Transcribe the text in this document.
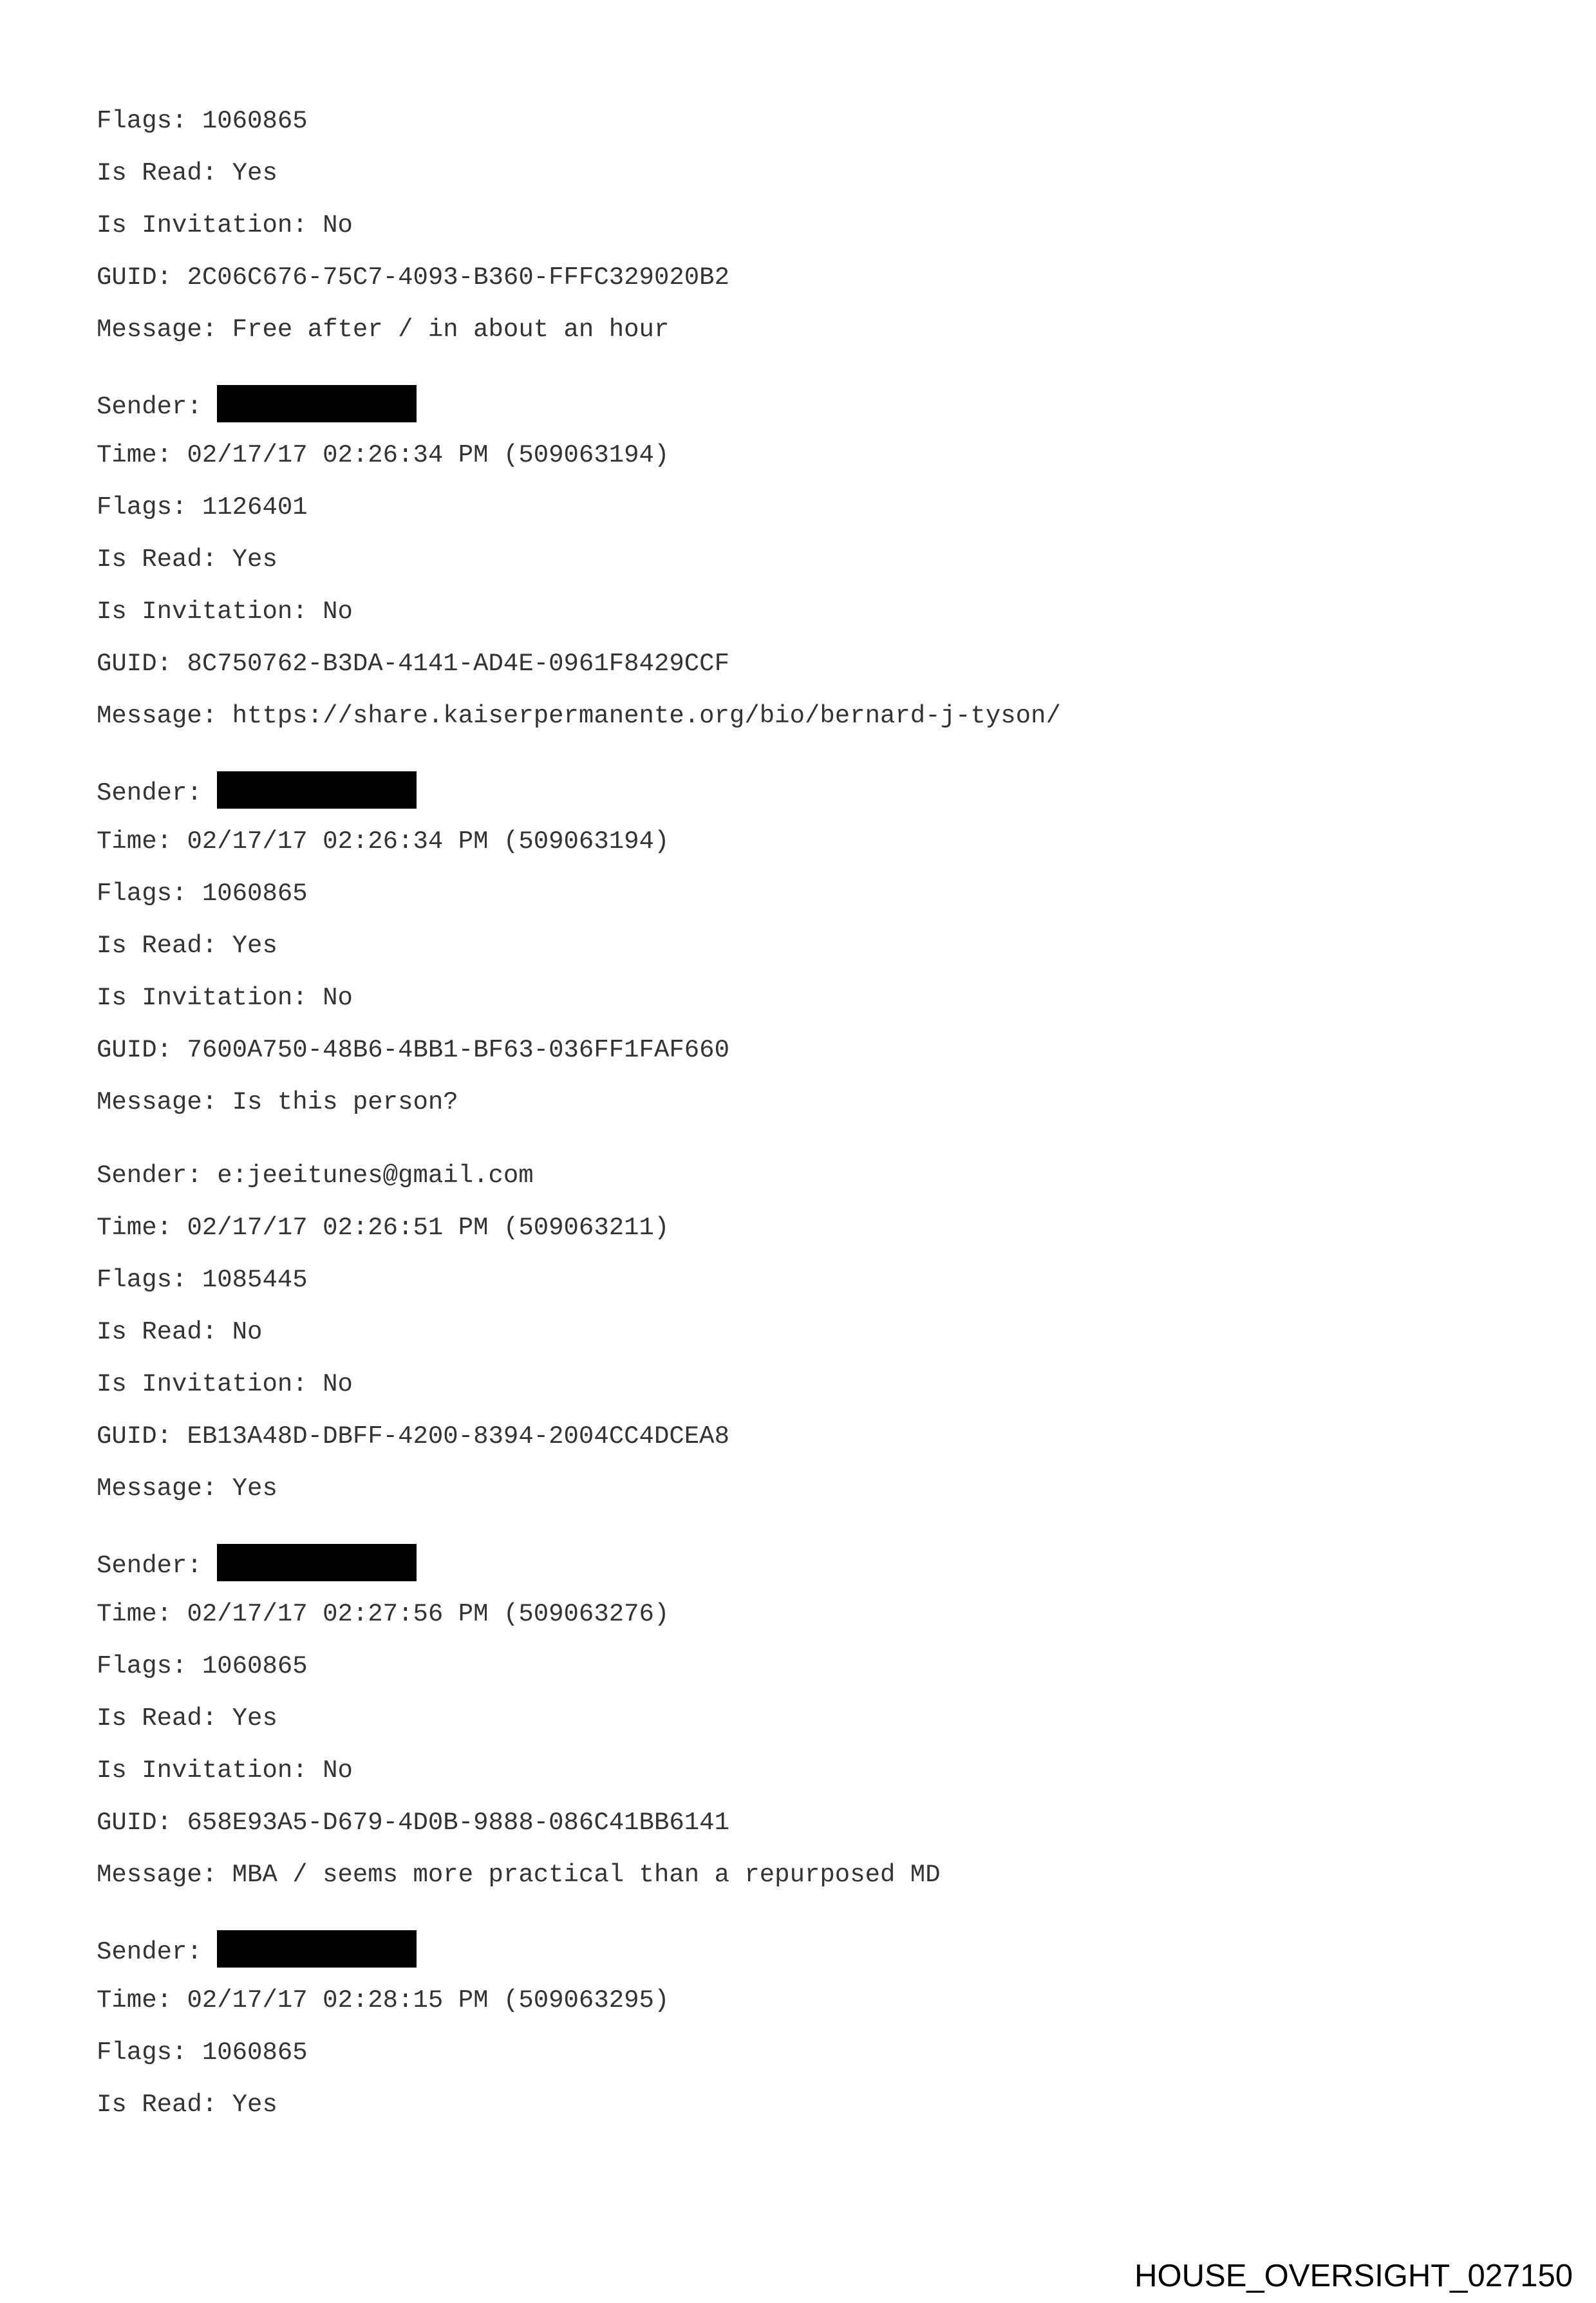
Flags: 1060865
Is Read: Yes
Is Invitation: No
GUID: 2C06C676-75C7-4093-B360-FFFC329020B2
Message: Free after / in about an hour
Sender:
Time: 02/17/17 02:26:34 PM (509063194)
Flags: 1126401
Is Read: Yes
Is Invitation: No
GUID: 8C750762-B3DA-4141-AD4E-0961F8429CCF
Message: https://share.kaiserpermanente.org/bio/bernard-j-tyson/
Sender:
Time: 02/17/17 02:26:34 PM (509063194)
Flags: 1060865
Is Read: Yes
Is Invitation: No
GUID: 7600A750-48B6-4BB1-BF63-036FF1FAF660
Message: Is this person?
Sender: e:jeeitunes@gmail.com
Time: 02/17/17 02:26:51 PM (509063211)
Flags: 1085445
Is Read: No
Is Invitation: No
GUID: EB13A48D-DBFF-4200-8394-2004CC4DCEA8
Message: Yes
Sender:
Time: 02/17/17 02:27:56 PM (509063276)
Flags: 1060865
Is Read: Yes
Is Invitation: No
GUID: 658E93A5-D679-4D0B-9888-086C41BB6141
Message: MBA / seems more practical than a repurposed MD
Sender:
Time: 02/17/17 02:28:15 PM (509063295)
Flags: 1060865
Is Read: Yes
HOUSE_OVERSIGHT_027150
